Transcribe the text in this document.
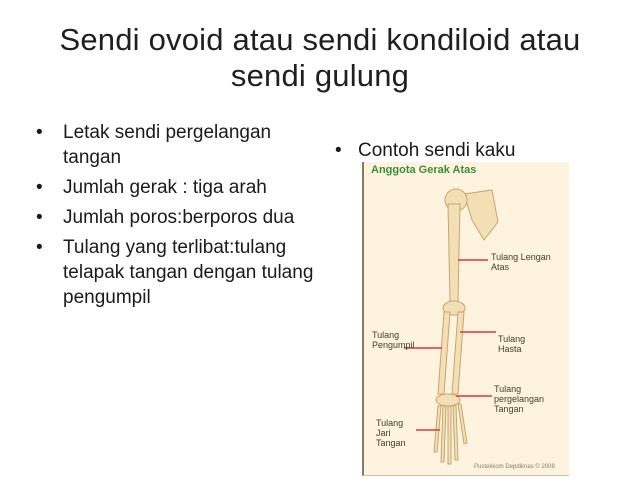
Sendi ovoid atau sendi kondiloid atau
sendi gulung
• Letak sendi pergelangan tangan
• Jumlah gerak : tiga arah
• Jumlah poros:berporos dua
• Tulang yang terlibat:tulang telapak tangan dengan tulang pengumpil
• Contoh sendi kaku
Anggota Gerak Atas
Tulang Lengan Atas
Tulang Pengumpil
Tulang Hasta
Tulang pergelangan Tangan
Tulang Jari Tangan
Pustekkom Depdiknas © 2008
